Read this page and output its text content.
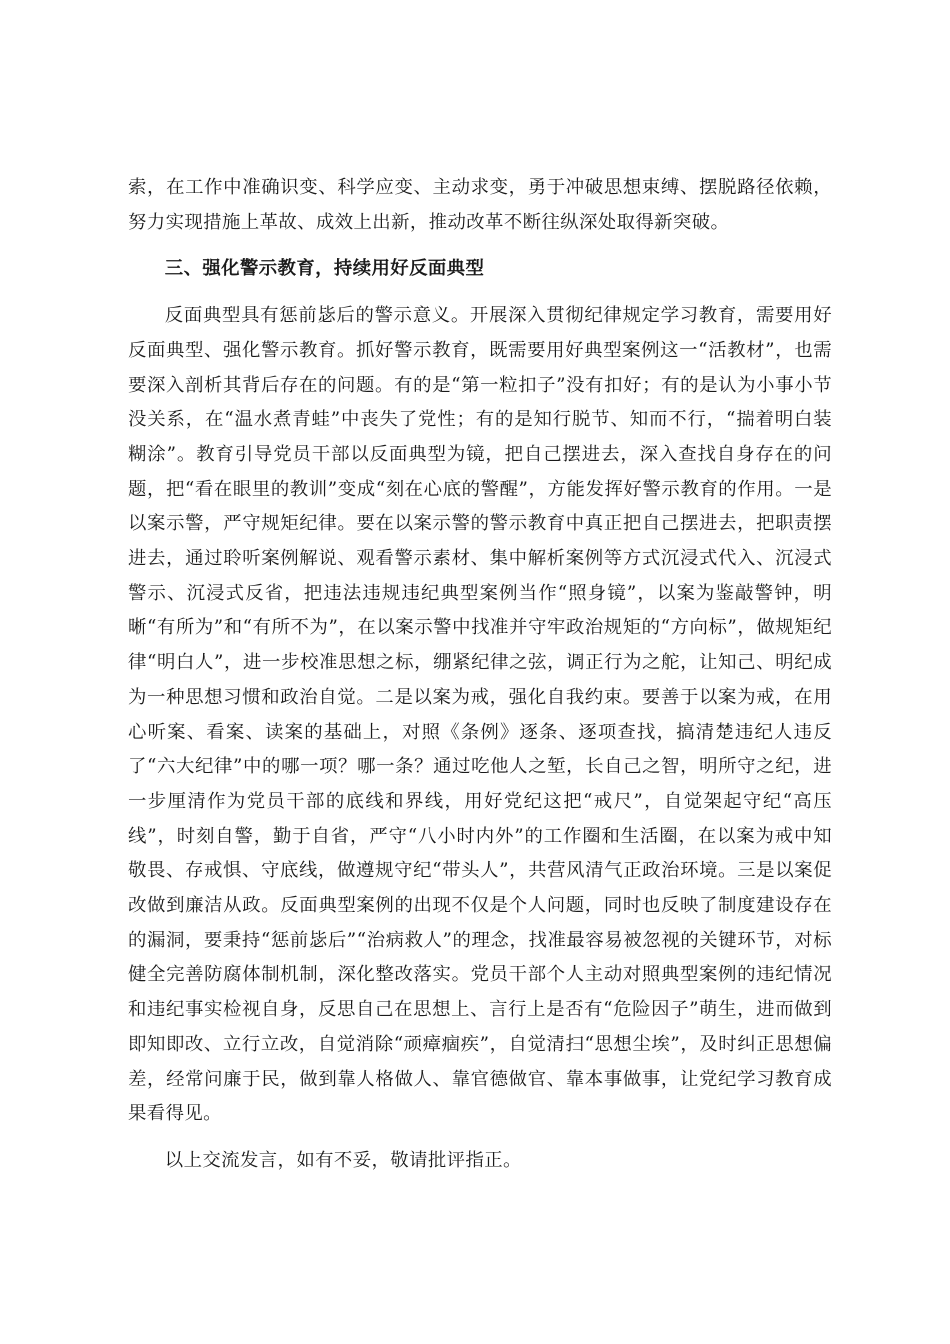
索，在工作中准确识变、科学应变、主动求变，勇于冲破思想束缚、摆脱路径依赖，努力实现措施上革故、成效上出新，推动改革不断往纵深处取得新突破。

三、强化警示教育，持续用好反面典型

反面典型具有惩前毖后的警示意义。开展深入贯彻纪律规定学习教育，需要用好反面典型、强化警示教育。抓好警示教育，既需要用好典型案例这一“活教材”，也需要深入剖析其背后存在的问题。有的是“第一粒扣子”没有扣好；有的是认为小事小节没关系，在“温水煮青蛙”中丧失了党性；有的是知行脱节、知而不行，“揣着明白装糊涂”。教育引导党员干部以反面典型为镜，把自己摆进去，深入查找自身存在的问题，把“看在眼里的教训”变成“刻在心底的警醒”，方能发挥好警示教育的作用。一是以案示警，严守规矩纪律。要在以案示警的警示教育中真正把自己摆进去，把职责摆进去，通过聆听案例解说、观看警示素材、集中解析案例等方式沉浸式代入、沉浸式警示、沉浸式反省，把违法违规违纪典型案例当作“照身镜”，以案为鉴敲警钟，明晰“有所为”和“有所不为”，在以案示警中找准并守牢政治规矩的“方向标”，做规矩纪律“明白人”，进一步校准思想之标，绷紧纪律之弦，调正行为之舵，让知己、明纪成为一种思想习惯和政治自觉。二是以案为戒，强化自我约束。要善于以案为戒，在用心听案、看案、读案的基础上，对照《条例》逐条、逐项查找，搞清楚违纪人违反了“六大纪律”中的哪一项？哪一条？通过吃他人之堑，长自己之智，明所守之纪，进一步厘清作为党员干部的底线和界线，用好党纪这把“戒尺”，自觉架起守纪“高压线”，时刻自警，勤于自省，严守“八小时内外”的工作圈和生活圈，在以案为戒中知敬畏、存戒惧、守底线，做遵规守纪“带头人”，共营风清气正政治环境。三是以案促改做到廉洁从政。反面典型案例的出现不仅是个人问题，同时也反映了制度建设存在的漏洞，要秉持“惩前毖后”“治病救人”的理念，找准最容易被忽视的关键环节，对标健全完善防腐体制机制，深化整改落实。党员干部个人主动对照典型案例的违纪情况和违纪事实检视自身，反思自己在思想上、言行上是否有“危险因子”萌生，进而做到即知即改、立行立改，自觉消除“顽瘴痼疾”，自觉清扫“思想尘埃”，及时纠正思想偏差，经常问廉于民，做到靠人格做人、靠官德做官、靠本事做事，让党纪学习教育成果看得见。

以上交流发言，如有不妥，敬请批评指正。
